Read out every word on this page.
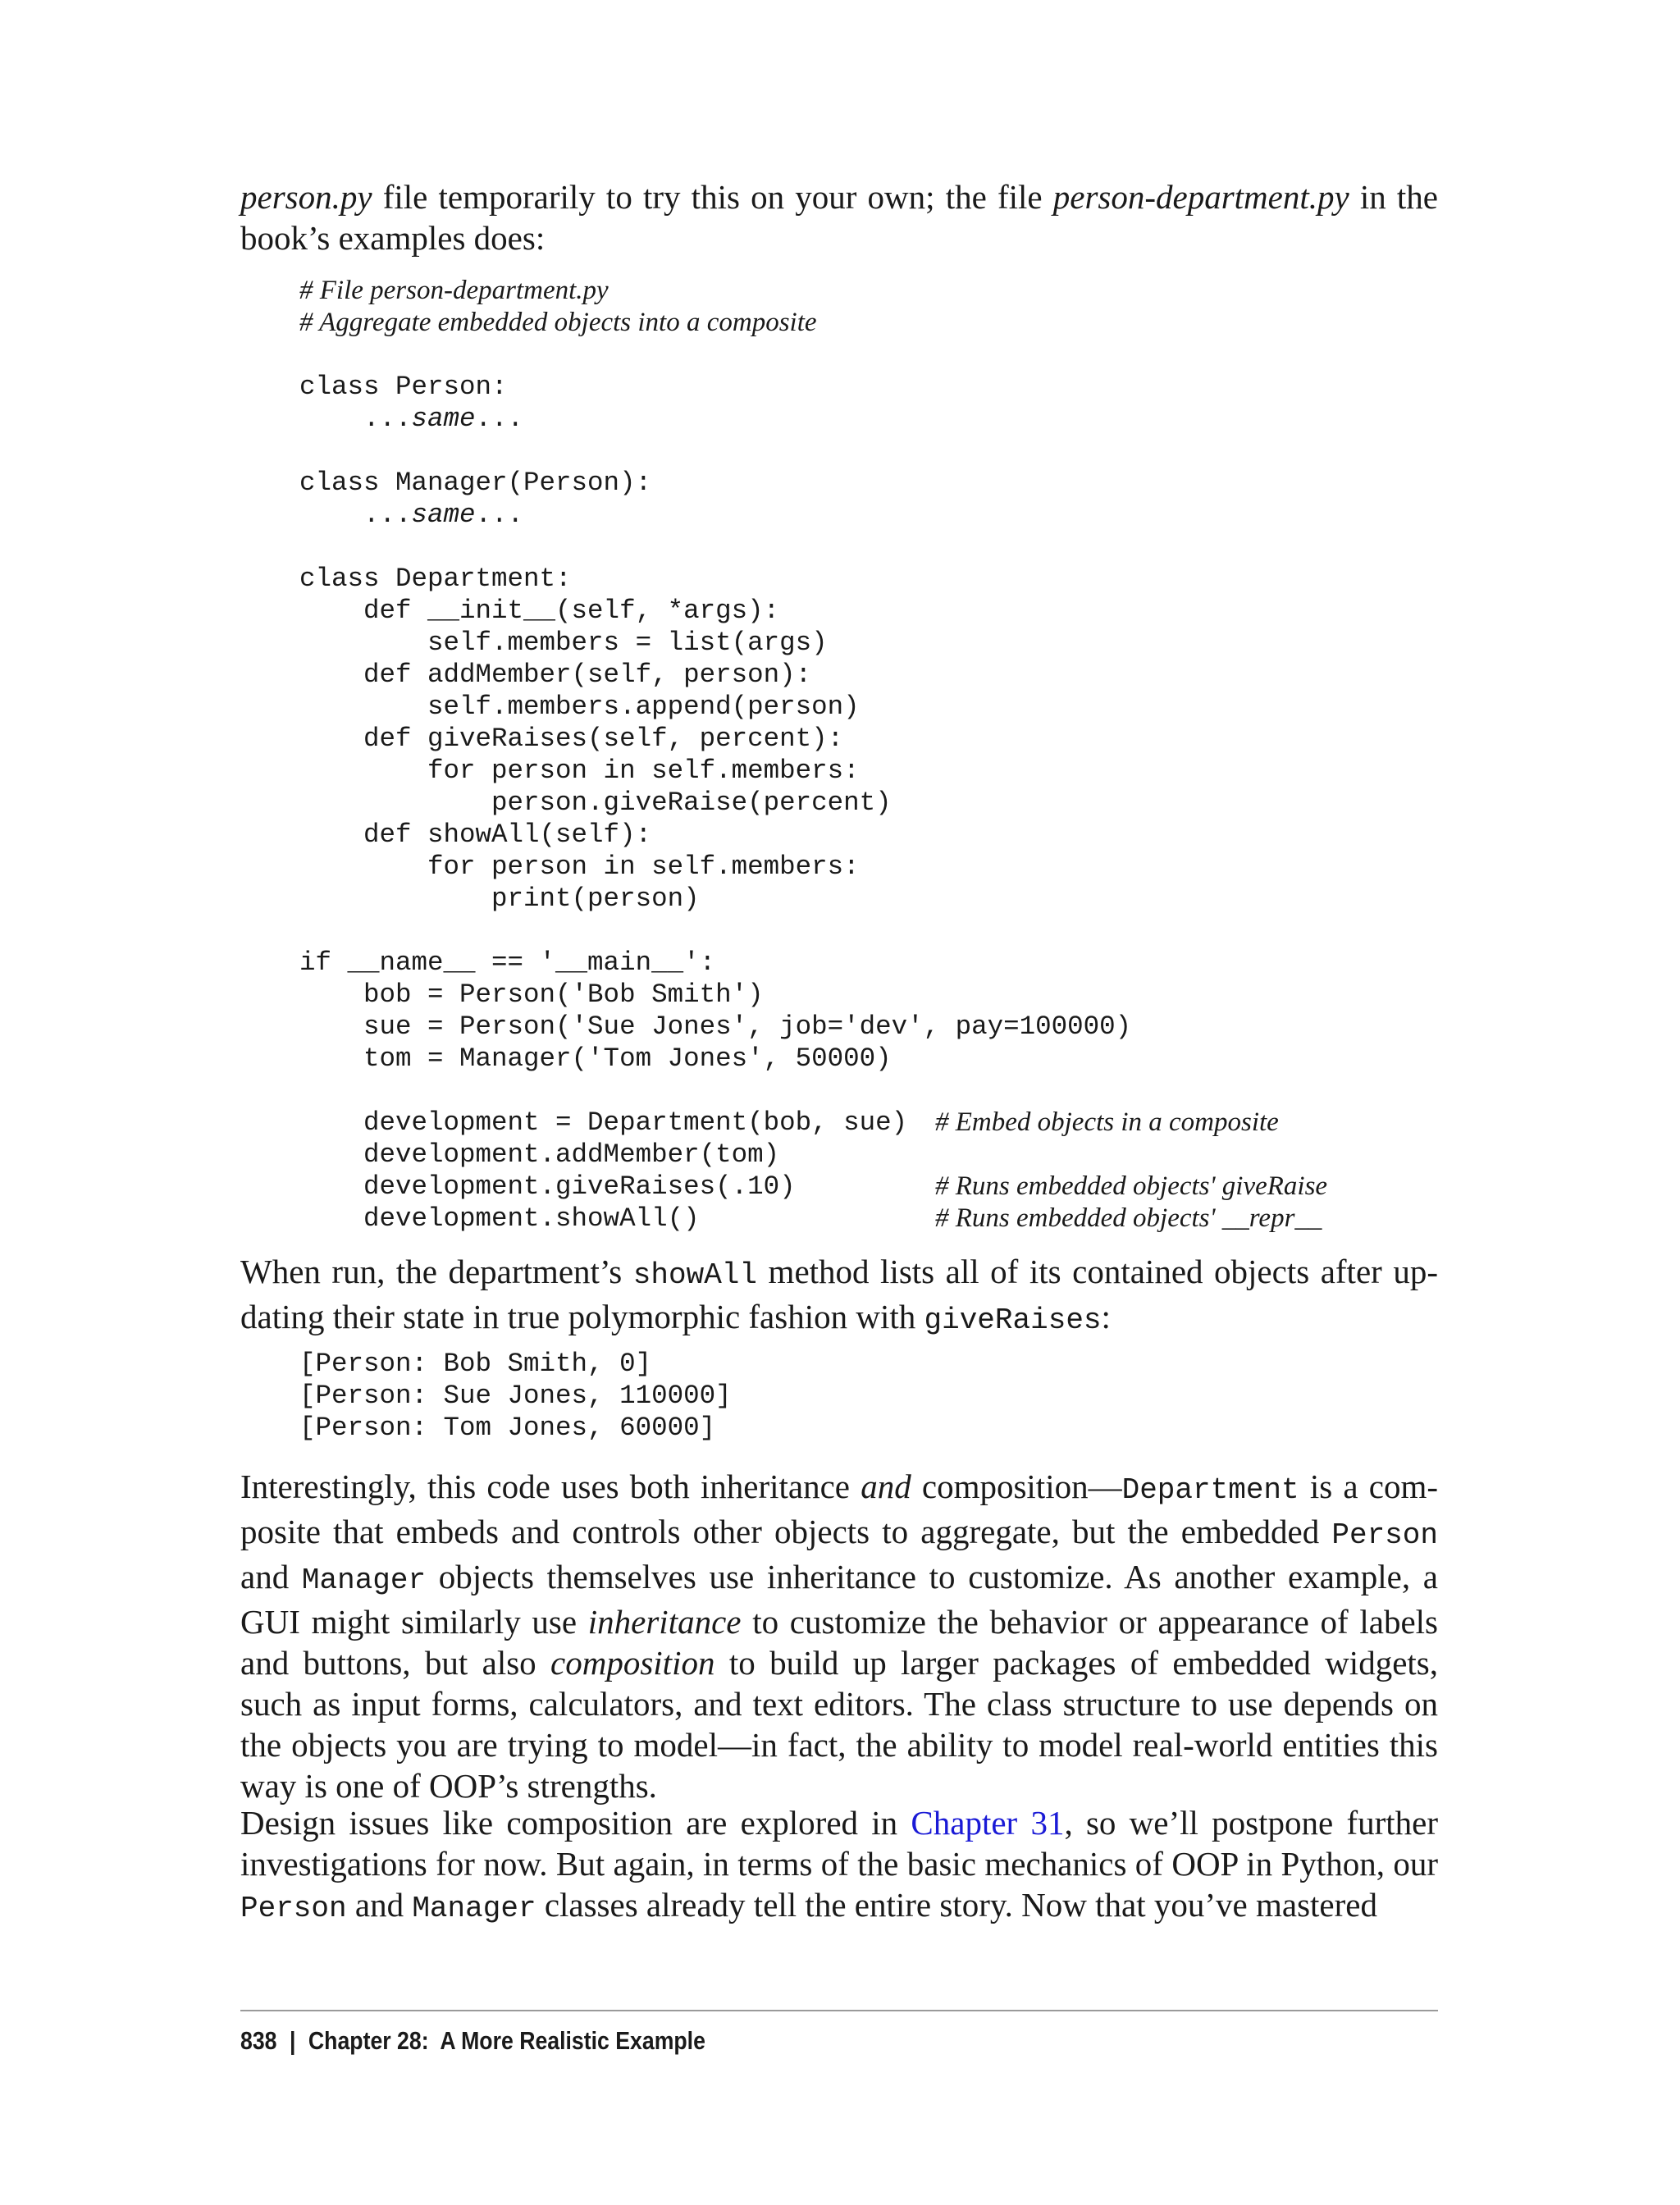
person.py file temporarily to try this on your own; the file person-department.py in the book’s examples does:

# File person-department.py
# Aggregate embedded objects into a composite
class Person:
...same...
class Manager(Person):
...same...
class Department:
def __init__(self, *args):
self.members = list(args)
def addMember(self, person):
self.members.append(person)
def giveRaises(self, percent):
for person in self.members:
person.giveRaise(percent)
def showAll(self):
for person in self.members:
print(person)
if __name__ == '__main__':
bob = Person('Bob Smith')
sue = Person('Sue Jones', job='dev', pay=100000)
tom = Manager('Tom Jones', 50000)
development = Department(bob, sue) # Embed objects in a composite
development.addMember(tom)
development.giveRaises(.10)	# Runs embedded objects' giveRaise
development.showAll()	# Runs embedded objects' __repr__

When run, the department’s showAll method lists all of its contained objects after up-dating their state in true polymorphic fashion with giveRaises:

[Person: Bob Smith, 0]
[Person: Sue Jones, 110000]
[Person: Tom Jones, 60000]

Interestingly, this code uses both inheritance and composition—Department is a com-posite that embeds and controls other objects to aggregate, but the embedded Person and Manager objects themselves use inheritance to customize. As another example, a GUI might similarly use inheritance to customize the behavior or appearance of labels and buttons, but also composition to build up larger packages of embedded widgets, such as input forms, calculators, and text editors. The class structure to use depends on the objects you are trying to model—in fact, the ability to model real-world entities this way is one of OOP’s strengths.

Design issues like composition are explored in Chapter 31, so we’ll postpone further investigations for now. But again, in terms of the basic mechanics of OOP in Python, our Person and Manager classes already tell the entire story. Now that you’ve mastered

838 | Chapter 28:  A More Realistic Example
